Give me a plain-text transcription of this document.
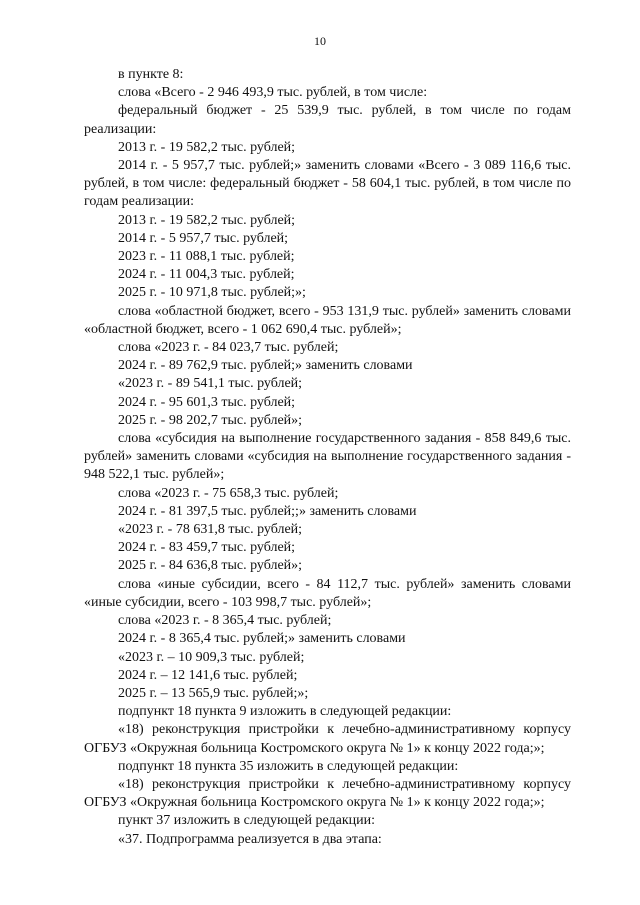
10

в пункте 8:

слова «Всего - 2 946 493,9 тыс. рублей, в том числе:

федеральный бюджет - 25 539,9 тыс. рублей, в том числе по годам реализации:

2013 г. - 19 582,2 тыс. рублей;

2014 г. - 5 957,7 тыс. рублей;» заменить словами «Всего - 3 089 116,6 тыс. рублей, в том числе: федеральный бюджет - 58 604,1 тыс. рублей, в том числе по годам реализации:

2013 г. - 19 582,2 тыс. рублей;

2014 г. - 5 957,7 тыс. рублей;

2023 г. - 11 088,1 тыс. рублей;

2024 г. - 11 004,3 тыс. рублей;

2025 г. - 10 971,8 тыс. рублей;»;

слова «областной бюджет, всего - 953 131,9 тыс. рублей» заменить словами «областной бюджет, всего - 1 062 690,4 тыс. рублей»;

слова «2023 г. - 84 023,7 тыс. рублей;

2024 г. - 89 762,9 тыс. рублей;» заменить словами

«2023 г. - 89 541,1 тыс. рублей;

2024 г. - 95 601,3 тыс. рублей;

2025 г. - 98 202,7 тыс. рублей»;

слова «субсидия на выполнение государственного задания - 858 849,6 тыс. рублей» заменить словами «субсидия на выполнение государственного задания - 948 522,1 тыс. рублей»;

слова «2023 г. - 75 658,3 тыс. рублей;

2024 г. - 81 397,5 тыс. рублей;;» заменить словами

«2023 г. - 78 631,8 тыс. рублей;

2024 г. - 83 459,7 тыс. рублей;

2025 г. - 84 636,8 тыс. рублей»;

слова «иные субсидии, всего - 84 112,7 тыс. рублей» заменить словами «иные субсидии, всего - 103 998,7 тыс. рублей»;

слова «2023 г. - 8 365,4 тыс. рублей;

2024 г. - 8 365,4 тыс. рублей;» заменить словами

«2023 г. – 10 909,3 тыс. рублей;

2024 г. – 12 141,6 тыс. рублей;

2025 г. – 13 565,9 тыс. рублей;»;

подпункт 18 пункта 9 изложить в следующей редакции:

«18) реконструкция пристройки к лечебно-административному корпусу ОГБУЗ «Окружная больница Костромского округа № 1» к концу 2022 года;»;

подпункт 18 пункта 35 изложить в следующей редакции:

«18) реконструкция пристройки к лечебно-административному корпусу ОГБУЗ «Окружная больница Костромского округа № 1» к концу 2022 года;»;

пункт 37 изложить в следующей редакции:

«37. Подпрограмма реализуется в два этапа:
